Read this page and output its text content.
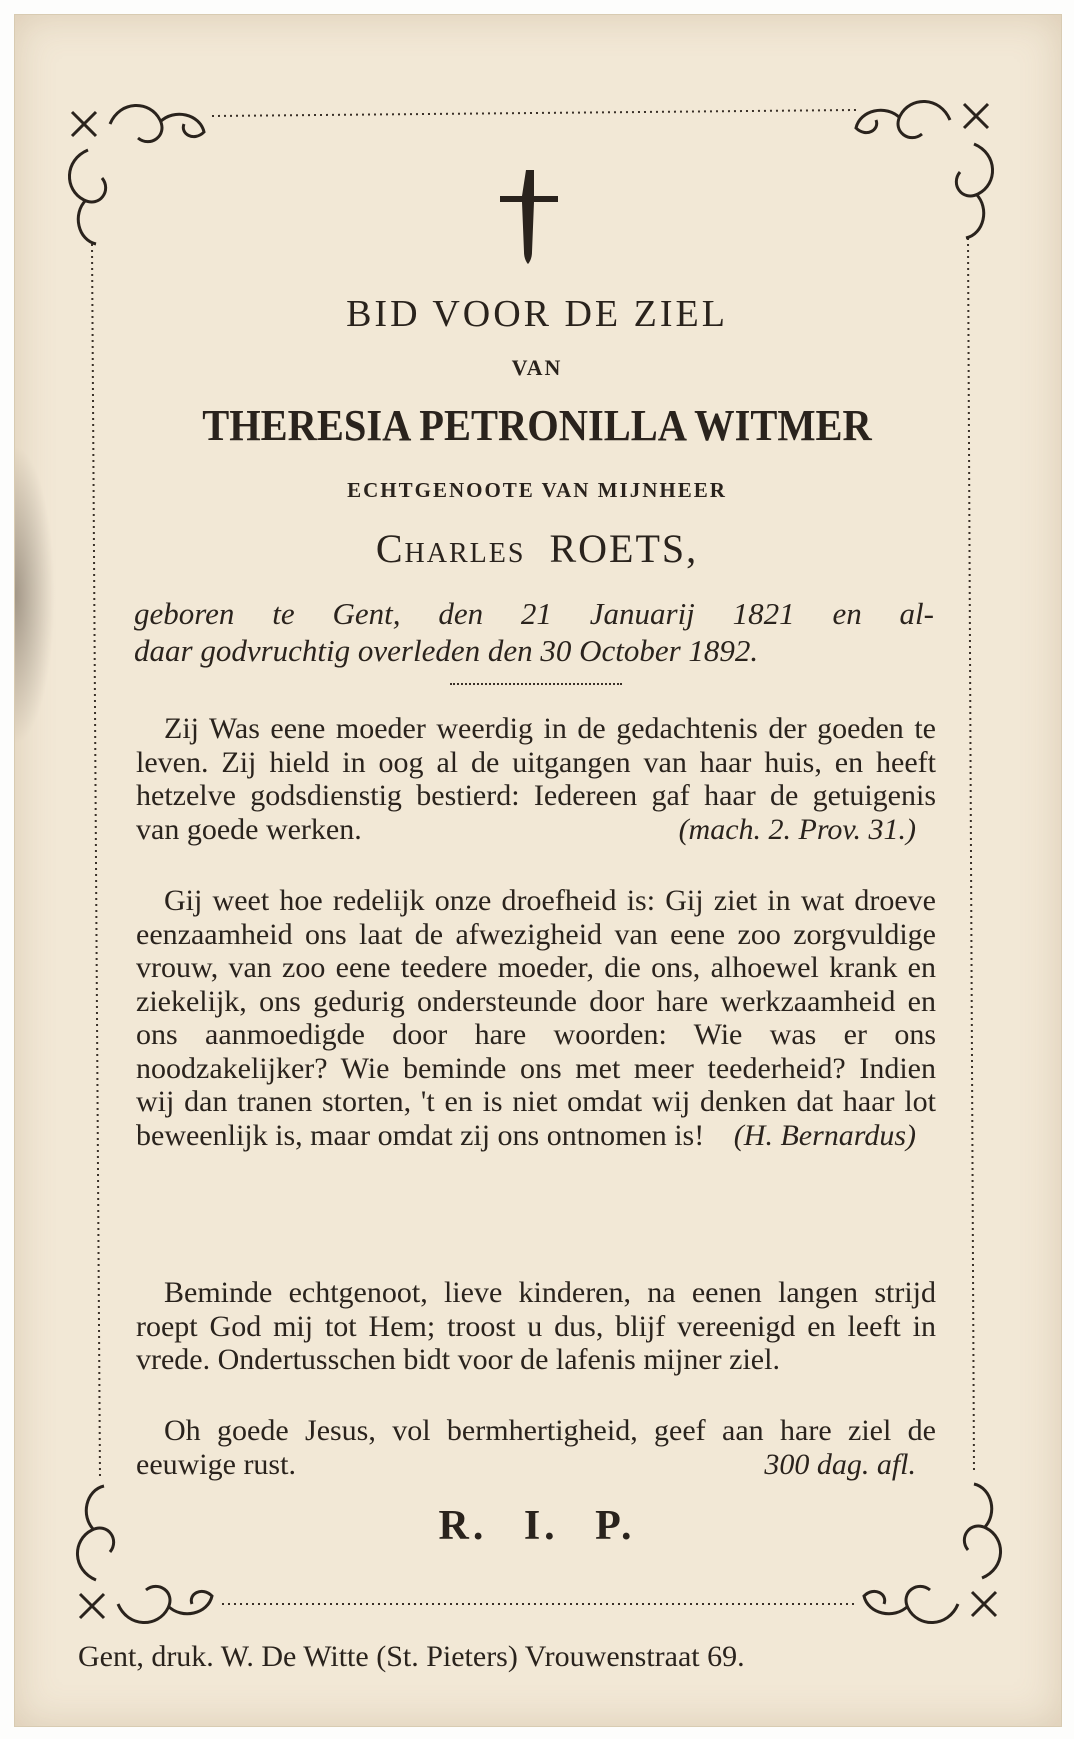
BID VOOR DE ZIEL
VAN
THERESIA PETRONILLA WITMER
ECHTGENOOTE VAN MIJNHEER
Charles ROETS,
geboren te Gent, den 21 Januarij 1821 en al-
daar godvruchtig overleden den 30 October 1892.
Zij Was eene moeder weerdig in de gedachtenis der goeden te leven. Zij hield in oog al de uitgangen van haar huis, en heeft hetzelve godsdienstig bestierd: Iedereen gaf haar de getuigenis van goede werken.	(mach. 2. Prov. 31.)
Gij weet hoe redelijk onze droefheid is: Gij ziet in wat droeve eenzaamheid ons laat de afwezigheid van eene zoo zorgvuldige vrouw, van zoo eene teedere moeder, die ons, alhoewel krank en ziekelijk, ons gedurig ondersteunde door hare werkzaamheid en ons aanmoedigde door hare woorden: Wie was er ons noodzakelijker? Wie beminde ons met meer teederheid? Indien wij dan tranen storten, 't en is niet omdat wij denken dat haar lot beweenlijk is, maar omdat zij ons ontnomen is! (H. Bernardus)
Beminde echtgenoot, lieve kinderen, na eenen langen strijd roept God mij tot Hem; troost u dus, blijf vereenigd en leeft in vrede. Ondertusschen bidt voor de lafenis mijner ziel.
Oh goede Jesus, vol bermhertigheid, geef aan hare ziel de eeuwige rust.	300 dag. afl.
R. I. P.
Gent, druk. W. De Witte (St. Pieters) Vrouwenstraat 69.
